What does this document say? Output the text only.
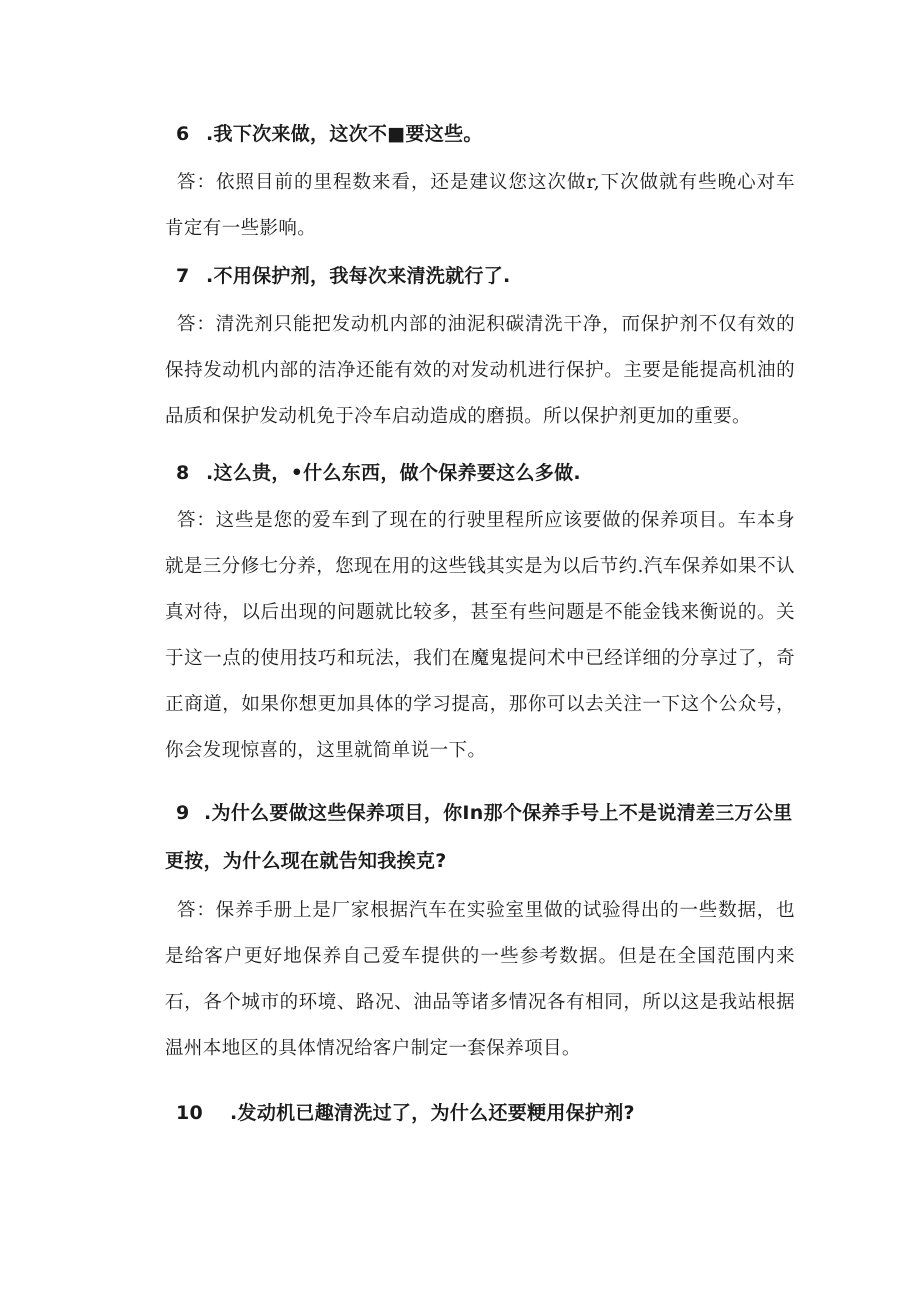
6 .我下次来做，这次不■要这些。
答：依照目前的里程数来看，还是建议您这次做r,下次做就有些晚心对车肯定有一些影响。
7 .不用保护剂，我每次来清洗就行了.
答：清洗剂只能把发动机内部的油泥积碳清洗干净，而保护剂不仅有效的保持发动机内部的洁净还能有效的对发动机进行保护。主要是能提高机油的品质和保护发动机免于冷车启动造成的磨损。所以保护剂更加的重要。
8 .这么贵，•什么东西，做个保养要这么多做.
答：这些是您的爱车到了现在的行驶里程所应该要做的保养项目。车本身就是三分修七分养，您现在用的这些钱其实是为以后节约.汽车保养如果不认真对待，以后出现的问题就比较多，甚至有些问题是不能金钱来衡说的。关于这一点的使用技巧和玩法，我们在魔鬼提问术中已经详细的分享过了，奇正商道，如果你想更加具体的学习提高，那你可以去关注一下这个公众号，你会发现惊喜的，这里就简单说一下。
9 .为什么要做这些保养项目，你In那个保养手号上不是说清差三万公里更按，为什么现在就告知我挨克?
答：保养手册上是厂家根据汽车在实验室里做的试验得出的一些数据，也是给客户更好地保养自己爱车提供的一些参考数据。但是在全国范围内来石，各个城市的环境、路况、油品等诸多情况各有相同，所以这是我站根据温州本地区的具体情况给客户制定一套保养项目。
10 .发动机已趣清洗过了，为什么还要粳用保护剂?
